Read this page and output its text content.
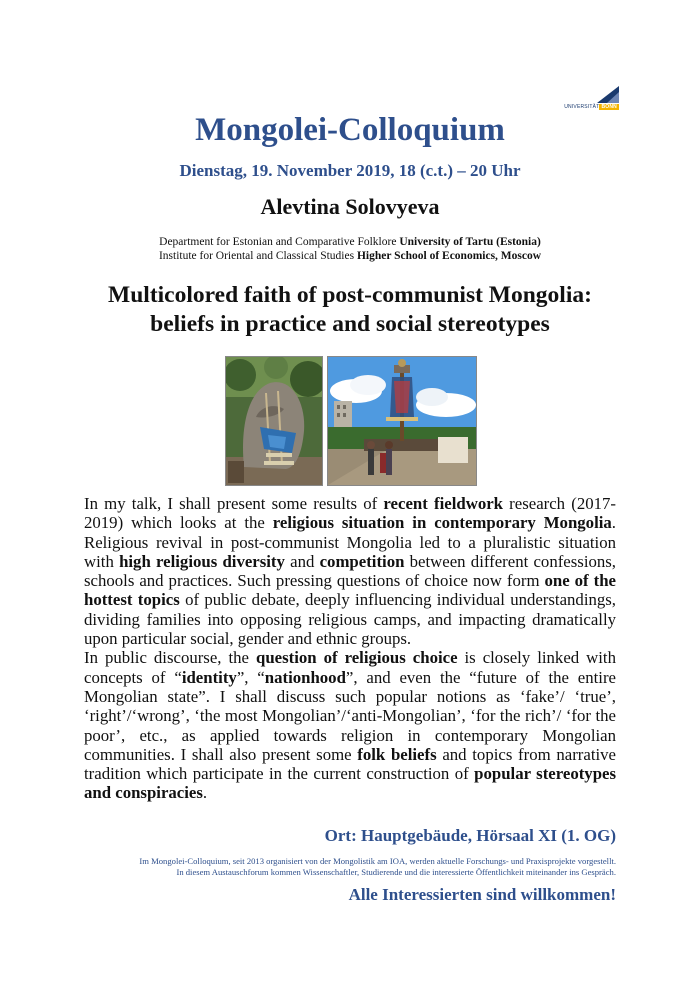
UNIVERSITÄT BONN
Mongolei-Colloquium
Dienstag, 19. November 2019, 18 (c.t.) – 20 Uhr
Alevtina Solovyeva
Department for Estonian and Comparative Folklore University of Tartu (Estonia)
Institute for Oriental and Classical Studies Higher School of Economics, Moscow
Multicolored faith of post-communist Mongolia:
beliefs in practice and social stereotypes

In my talk, I shall present some results of recent fieldwork research (2017-2019) which looks at the religious situation in contemporary Mongolia. Religious revival in post-communist Mongolia led to a pluralistic situation with high religious diversity and competition between different confessions, schools and practices. Such pressing questions of choice now form one of the hottest topics of public debate, deeply influencing individual understandings, dividing families into opposing religious camps, and impacting dramatically upon particular social, gender and ethnic groups.

In public discourse, the question of religious choice is closely linked with concepts of “identity”, “nationhood”, and even the “future of the entire Mongolian state”. I shall discuss such popular notions as ‘fake’/ ‘true’, ‘right’/‘wrong’, ‘the most Mongolian’/‘anti-Mongolian’, ‘for the rich’/ ‘for the poor’, etc., as applied towards religion in contemporary Mongolian communities. I shall also present some folk beliefs and topics from narrative tradition which participate in the current construction of popular stereotypes and conspiracies.

Ort: Hauptgebäude, Hörsaal XI (1. OG)
Im Mongolei-Colloquium, seit 2013 organisiert von der Mongolistik am IOA, werden aktuelle Forschungs- und Praxisprojekte vorgestellt.
In diesem Austauschforum kommen Wissenschaftler, Studierende und die interessierte Öffentlichkeit miteinander ins Gespräch.
Alle Interessierten sind willkommen!
